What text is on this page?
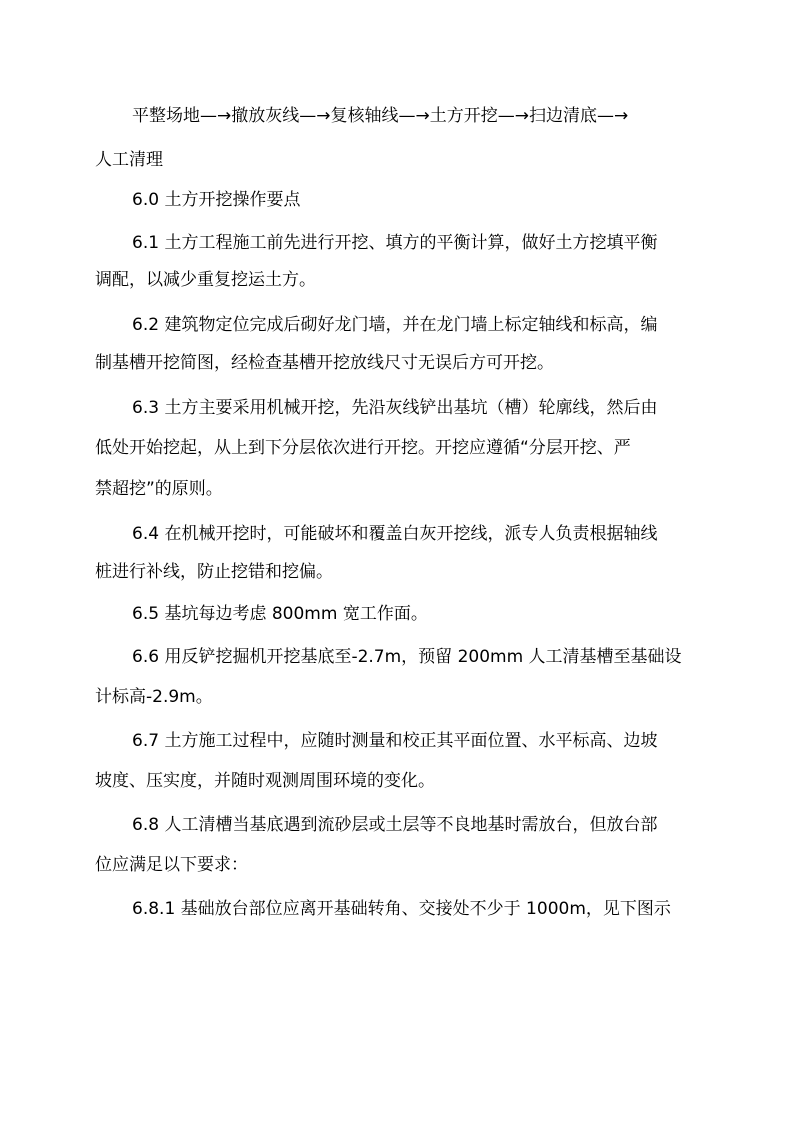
平整场地—→撤放灰线—→复核轴线—→土方开挖—→扫边清底—→
人工清理
6.0 土方开挖操作要点
6.1 土方工程施工前先进行开挖、填方的平衡计算，做好土方挖填平衡
调配，以减少重复挖运土方。
6.2 建筑物定位完成后砌好龙门墙，并在龙门墙上标定轴线和标高，编
制基槽开挖简图，经检查基槽开挖放线尺寸无误后方可开挖。
6.3 土方主要采用机械开挖，先沿灰线铲出基坑（槽）轮廓线，然后由
低处开始挖起，从上到下分层依次进行开挖。开挖应遵循“分层开挖、严
禁超挖”的原则。
6.4 在机械开挖时，可能破坏和覆盖白灰开挖线，派专人负责根据轴线
桩进行补线，防止挖错和挖偏。
6.5 基坑每边考虑 800mm 宽工作面。
6.6 用反铲挖掘机开挖基底至-2.7m，预留 200mm 人工清基槽至基础设
计标高-2.9m。
6.7 土方施工过程中，应随时测量和校正其平面位置、水平标高、边坡
坡度、压实度，并随时观测周围环境的变化。
6.8 人工清槽当基底遇到流砂层或土层等不良地基时需放台，但放台部
位应满足以下要求：
6.8.1 基础放台部位应离开基础转角、交接处不少于 1000m，见下图示
